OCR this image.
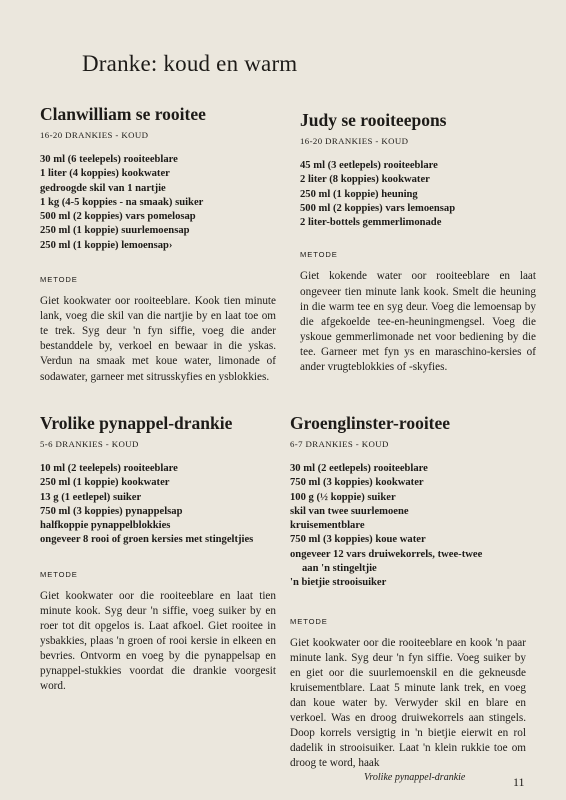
Dranke: koud en warm
Clanwilliam se rooitee
16-20 DRANKIES - KOUD
30 ml (6 teelepels) rooiteeblare
1 liter (4 koppies) kookwater
gedroogde skil van 1 nartjie
1 kg (4-5 koppies - na smaak) suiker
500 ml (2 koppies) vars pomelosap
250 ml (1 koppie) suurlemoensap
250 ml (1 koppie) lemoensap›
METODE

Giet kookwater oor rooiteeblare. Kook tien minute lank, voeg die skil van die nartjie by en laat toe om te trek. Syg deur 'n fyn siffie, voeg die ander bestanddele by, verkoel en bewaar in die yskas. Verdun na smaak met koue water, limonade of sodawater, garneer met sitrusskyfies en ysblokkies.

Judy se rooiteepons
16-20 DRANKIES - KOUD
45 ml (3 eetlepels) rooiteeblare
2 liter (8 koppies) kookwater
250 ml (1 koppie) heuning
500 ml (2 koppies) vars lemoensap
2 liter-bottels gemmerlimonade
METODE

Giet kokende water oor rooiteeblare en laat ongeveer tien minute lank kook. Smelt die heuning in die warm tee en syg deur. Voeg die lemoensap by die afgekoelde tee-en-heuningmengsel. Voeg die yskoue gemmerlimonade net voor bediening by die tee. Garneer met fyn ys en maraschino-kersies of ander vrugteblokkies of -skyfies.

Vrolike pynappel-drankie
5-6 DRANKIES - KOUD
10 ml (2 teelepels) rooiteeblare
250 ml (1 koppie) kookwater
13 g (1 eetlepel) suiker
750 ml (3 koppies) pynappelsap
halfkoppie pynappelblokkies
ongeveer 8 rooi of groen kersies met stingeltjies
METODE

Giet kookwater oor die rooiteeblare en laat tien minute kook. Syg deur 'n siffie, voeg suiker by en roer tot dit opgelos is. Laat afkoel. Giet rooitee in ysbakkies, plaas 'n groen of rooi kersie in elkeen en bevries. Ontvorm en voeg by die pynappelsap en pynappel-stukkies voordat die drankie voorgesit word.

Groenglinster-rooitee
6-7 DRANKIES - KOUD
30 ml (2 eetlepels) rooiteeblare
750 ml (3 koppies) kookwater
100 g (½ koppie) suiker
skil van twee suurlemoene
kruisementblare
750 ml (3 koppies) koue water
ongeveer 12 vars druiwekorrels, twee-twee
aan 'n stingeltjie
'n bietjie strooisuiker
METODE

Giet kookwater oor die rooiteeblare en kook 'n paar minute lank. Syg deur 'n fyn siffie. Voeg suiker by en giet oor die suurlemoenskil en die gekneusde kruisementblare. Laat 5 minute lank trek, en voeg dan koue water by. Verwyder skil en blare en verkoel. Was en droog druiwekorrels aan stingels. Doop korrels versigtig in 'n bietjie eierwit en rol dadelik in strooisuiker. Laat 'n klein rukkie toe om droog te word, haak

Vrolike pynappel-drankie	11
